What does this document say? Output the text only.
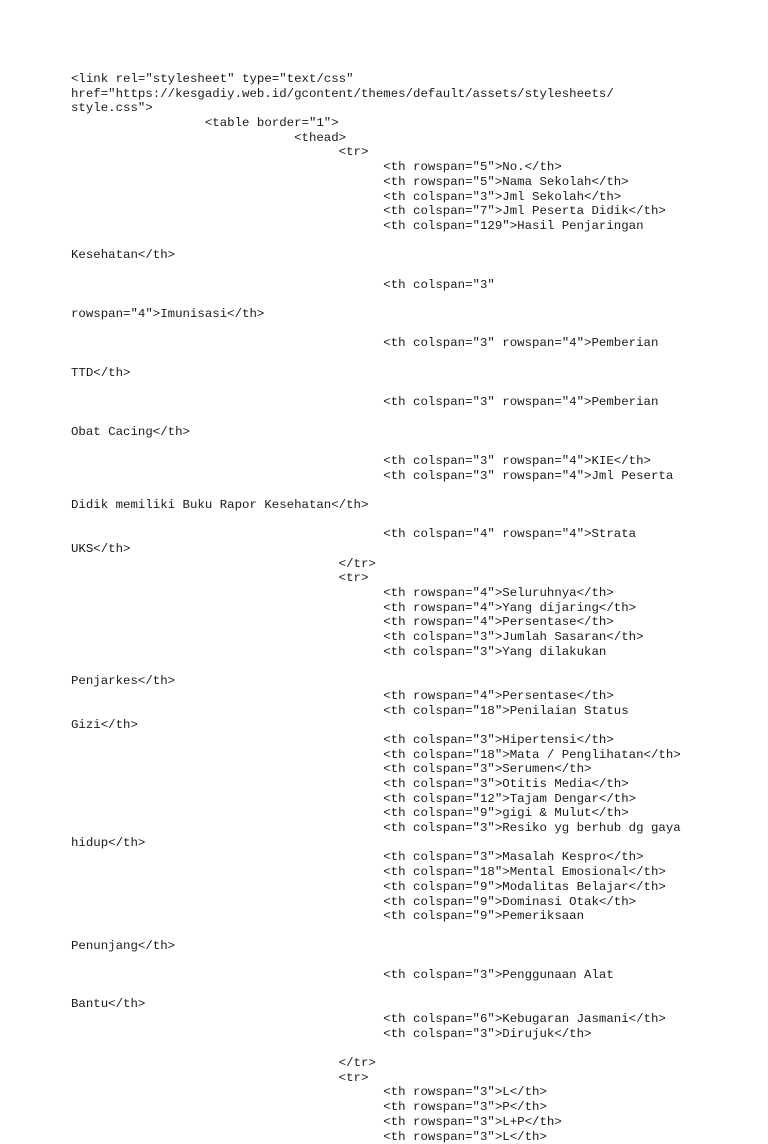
<link rel="stylesheet" type="text/css"
href="https://kesgadiy.web.id/gcontent/themes/default/assets/stylesheets/
style.css">
<table border="1">
<thead>
<tr>
<th rowspan="5">No.</th>
<th rowspan="5">Nama Sekolah</th>
<th colspan="3">Jml Sekolah</th>
<th colspan="7">Jml Peserta Didik</th>
<th colspan="129">Hasil Penjaringan
Kesehatan</th>
<th colspan="3"
rowspan="4">Imunisasi</th>
<th colspan="3" rowspan="4">Pemberian
TTD</th>
<th colspan="3" rowspan="4">Pemberian
Obat Cacing</th>
<th colspan="3" rowspan="4">KIE</th>
<th colspan="3" rowspan="4">Jml Peserta
Didik memiliki Buku Rapor Kesehatan</th>
<th colspan="4" rowspan="4">Strata
UKS</th>
</tr>
<tr>
<th rowspan="4">Seluruhnya</th>
<th rowspan="4">Yang dijaring</th>
<th rowspan="4">Persentase</th>
<th colspan="3">Jumlah Sasaran</th>
<th colspan="3">Yang dilakukan
Penjarkes</th>
<th rowspan="4">Persentase</th>
<th colspan="18">Penilaian Status
Gizi</th>
<th colspan="3">Hipertensi</th>
<th colspan="18">Mata / Penglihatan</th>
<th colspan="3">Serumen</th>
<th colspan="3">Otitis Media</th>
<th colspan="12">Tajam Dengar</th>
<th colspan="9">gigi & Mulut</th>
<th colspan="3">Resiko yg berhub dg gaya
hidup</th>
<th colspan="3">Masalah Kespro</th>
<th colspan="18">Mental Emosional</th>
<th colspan="9">Modalitas Belajar</th>
<th colspan="9">Dominasi Otak</th>
<th colspan="9">Pemeriksaan
Penunjang</th>
<th colspan="3">Penggunaan Alat
Bantu</th>
<th colspan="6">Kebugaran Jasmani</th>
<th colspan="3">Dirujuk</th>
</tr>
<tr>
<th rowspan="3">L</th>
<th rowspan="3">P</th>
<th rowspan="3">L+P</th>
<th rowspan="3">L</th>
